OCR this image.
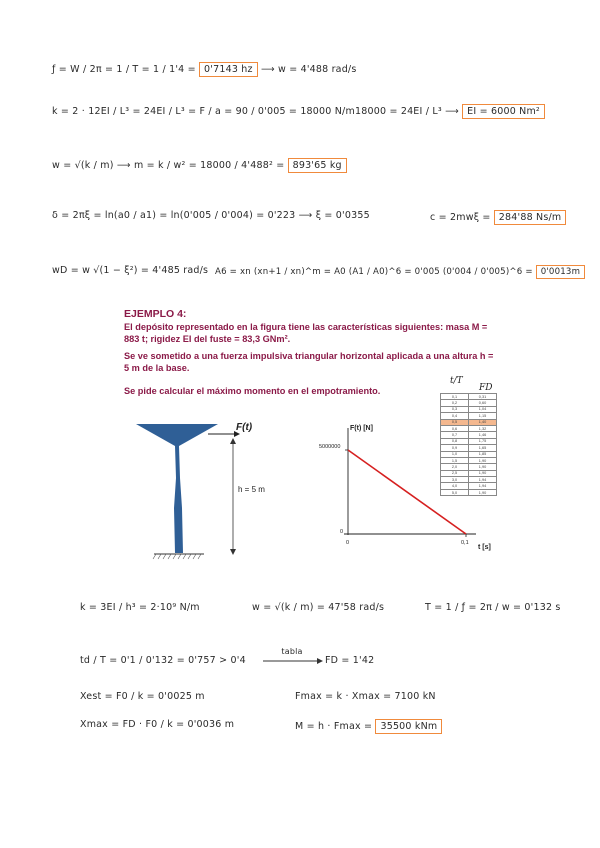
ƒ = W / 2π = 1 / T = 1 / 1'4 = 0'7143 hz ⟶ w = 4'488 rad/s
k = 2 · 12EI / L³ = 24EI / L³ = F / a = 90 / 0'005 = 18000 N/m 18000 = 24EI / L³ ⟶ EI = 6000 Nm²
w = √(k / m) ⟶ m = k / w² = 18000 / 4'488² = 893'65 kg
δ = 2πξ = ln(a0 / a1) = ln(0'005 / 0'004) = 0'223 ⟶ ξ = 0'0355	c = 2mwξ = 284'88 Ns/m
wD = w √(1 − ξ²) = 4'485 rad/s A6 = xn (xn+1 / xn)^m = A0 (A1 / A0)^6 = 0'005 (0'004 / 0'005)^6 = 0'0013m
EJEMPLO 4:
El depósito representado en la figura tiene las características siguientes: masa M = 883 t; rigidez EI del fuste = 83,3 GNm².
Se ve sometido a una fuerza impulsiva triangular horizontal aplicada a una altura h = 5 m de la base.
Se pide calcular el máximo momento en el empotramiento.
F(t)
h = 5 m
F(t) [N]
5000000
0
0	0,1
t [s]
t/T
FD
0,1	0,31
0,2	0,60
0,3	1,04
0,4	1,15
0,5	1,40
0,6	1,32
0,7	1,46
0,8	1,75
0,9	1,65
1,0	1,85
1,5	1,90
2,0	1,90
2,5	1,90
3,0	1,94
4,0	1,94
5,0	1,90
k = 3EI / h³ = 2·10⁹ N/m	w = √(k / m) = 47'58 rad/s	T = 1 / ƒ = 2π / w = 0'132 s
td / T = 0'1 / 0'132 = 0'757 > 0'4
tabla
FD = 1'42
Xest = F0 / k = 0'0025 m	Fmax = k · Xmax = 7100 kN
Xmax = FD · F0 / k = 0'0036 m	M = h · Fmax = 35500 kNm
